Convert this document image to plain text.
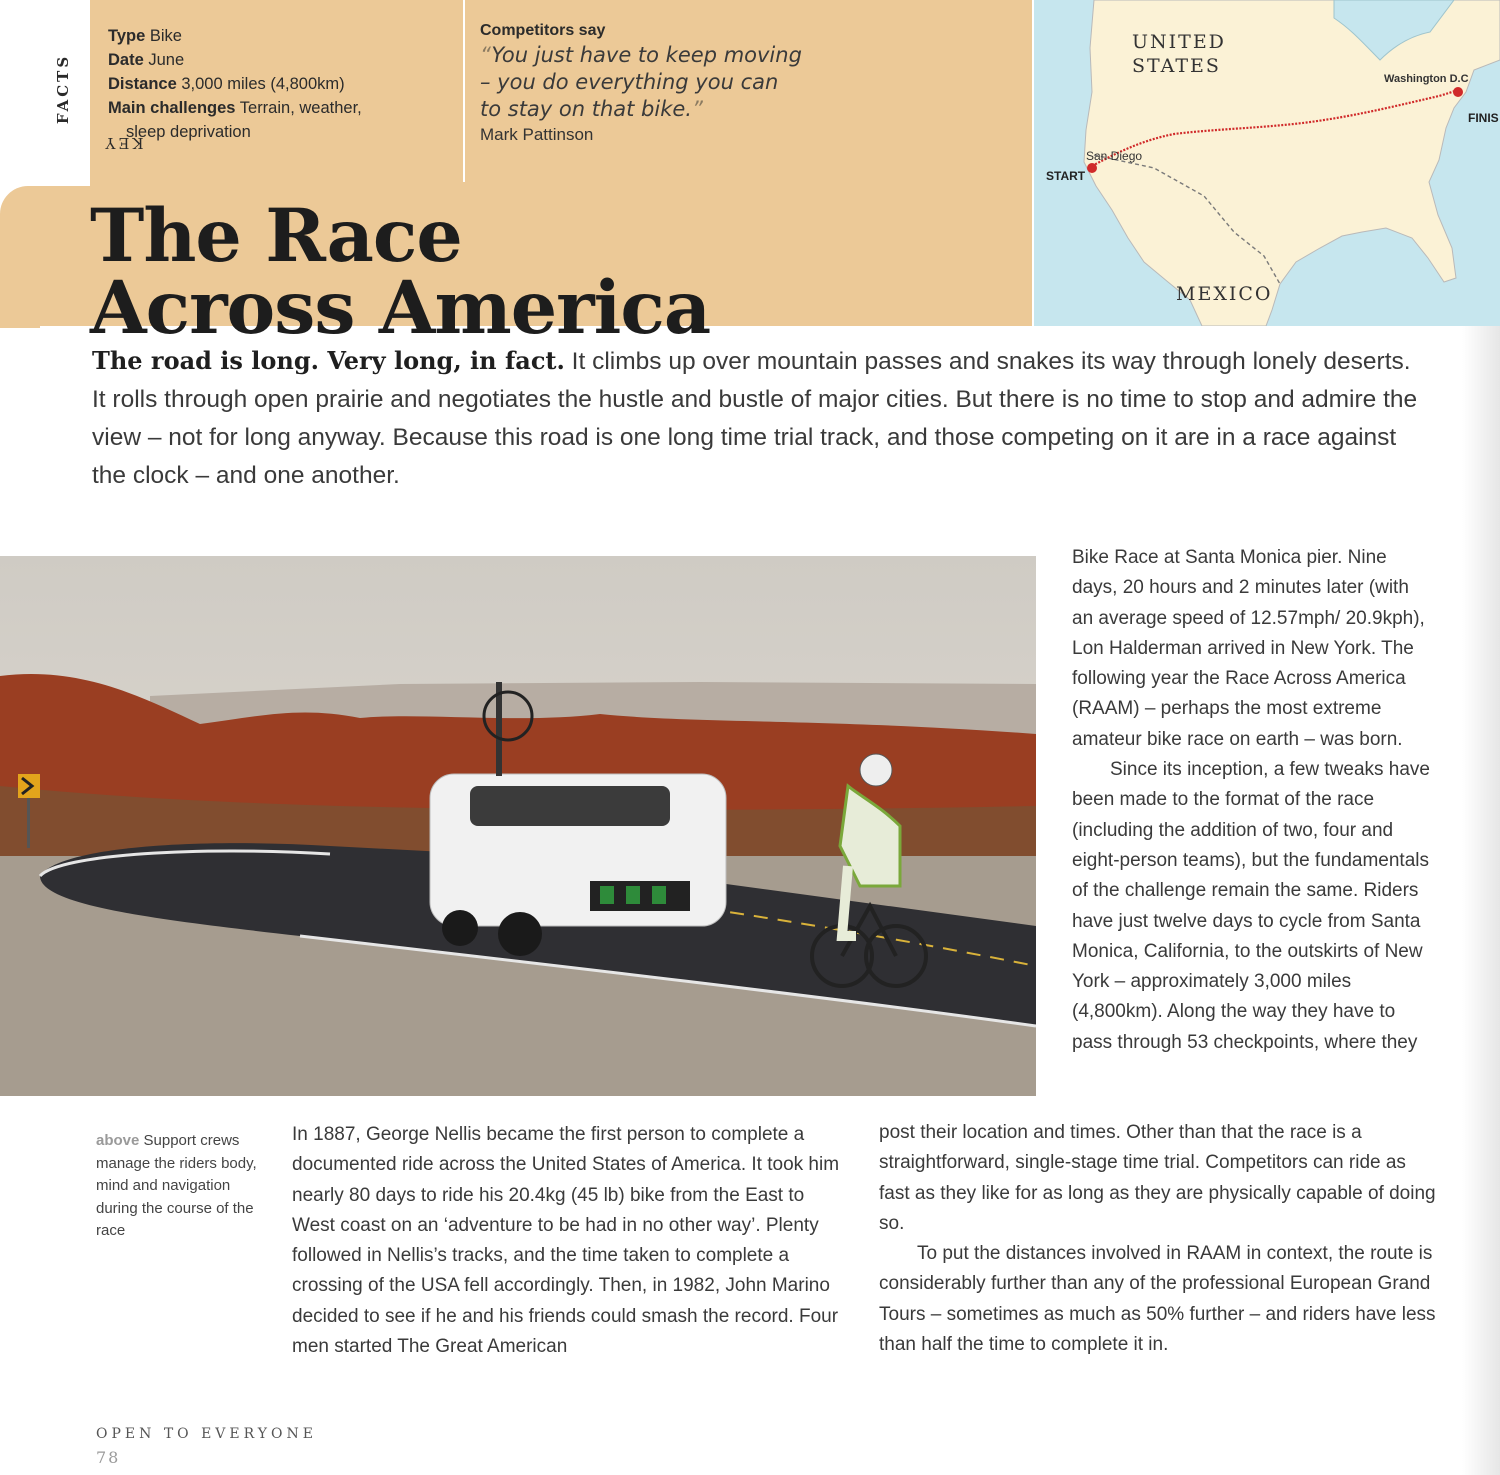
KEY
FACTS
Type Bike
Date June
Distance 3,000 miles (4,800km)
Main challenges Terrain, weather,
sleep deprivation
Competitors say
“You just have to keep moving
– you do everything you can
to stay on that bike.”
Mark Pattinson
The Race
Across America
UNITED
STATES
MEXICO
San Diego
START
Washington D.C
FINIS
The road is long. Very long, in fact. It climbs up over mountain passes and snakes its way through lonely deserts. It rolls through open prairie and negotiates the hustle and bustle of major cities. But there is no time to stop and admire the view – not for long anyway. Because this road is one long time trial track, and those competing on it are in a race against the clock – and one another.
above Support crews manage the riders body, mind and navigation during the course of the race

In 1887, George Nellis became the first person to complete a documented ride across the United States of America. It took him nearly 80 days to ride his 20.4kg (45 lb) bike from the East to West coast on an ‘adventure to be had in no other way’. Plenty followed in Nellis’s tracks, and the time taken to complete a crossing of the USA fell accordingly. Then, in 1982, John Marino decided to see if he and his friends could smash the record. Four men started The Great American

Bike Race at Santa Monica pier. Nine days, 20 hours and 2 minutes later (with an average speed of 12.57mph/ 20.9kph), Lon Halderman arrived in New York. The following year the Race Across America (RAAM) – perhaps the most extreme amateur bike race on earth – was born.

Since its inception, a few tweaks have been made to the format of the race (including the addition of two, four and eight-person teams), but the fundamentals of the challenge remain the same. Riders have just twelve days to cycle from Santa Monica, California, to the outskirts of New York – approximately 3,000 miles (4,800km). Along the way they have to pass through 53 checkpoints, where they

post their location and times. Other than that the race is a straightforward, single-stage time trial. Competitors can ride as fast as they like for as long as they are physically capable of doing so.

To put the distances involved in RAAM in context, the route is considerably further than any of the professional European Grand Tours – sometimes as much as 50% further – and riders have less than half the time to complete it in.

OPEN TO EVERYONE
78
